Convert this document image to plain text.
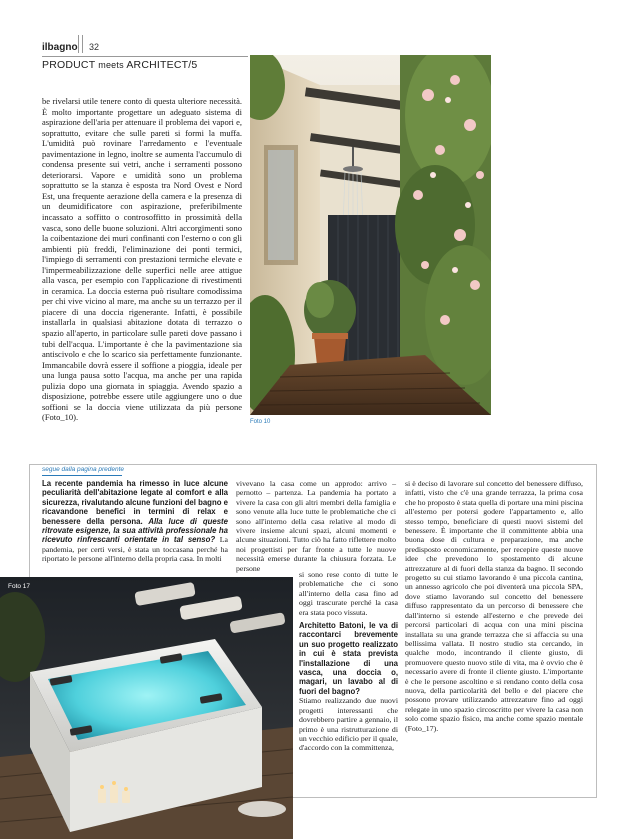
ilbagno 32
PRODUCT meets ARCHITECT/5
be rivelarsi utile tenere conto di questa ulteriore necessità. È molto importante progettare un adeguato sistema di aspirazione dell'aria per attenuare il problema dei vapori e, soprattutto, evitare che sulle pareti si formi la muffa. L'umidità può rovinare l'arredamento e l'eventuale pavimentazione in legno, inoltre se aumenta l'accumulo di condensa presente sui vetri, anche i serramenti possono deteriorarsi. Vapore e umidità sono un problema soprattutto se la stanza è esposta tra Nord Ovest e Nord Est, una frequente aerazione della camera e la presenza di un deumidificatore con aspirazione, preferibilmente incassato a soffitto o controsoffitto in prossimità della vasca, sono delle buone soluzioni. Altri accorgimenti sono la coibentazione dei muri confinanti con l'esterno o con gli ambienti più freddi, l'eliminazione dei ponti termici, l'impiego di serramenti con prestazioni termiche elevate e l'impermeabilizzazione delle superfici nelle aree attigue alla vasca, per esempio con l'applicazione di rivestimenti in ceramica. La doccia esterna può risultare comodissima per chi vive vicino al mare, ma anche su un terrazzo per il piacere di una doccia rigenerante. Infatti, è possibile installarla in qualsiasi abitazione dotata di terrazzo o spazio all'aperto, in particolare sulle pareti dove passano i tubi dell'acqua. L'importante è che la pavimentazione sia antiscivolo e che lo scarico sia perfettamente funzionante. Immancabile dovrà essere il soffione a pioggia, ideale per una lunga pausa sotto l'acqua, ma anche per una rapida pulizia dopo una giornata in spiaggia. Avendo spazio a disposizione, potrebbe essere utile aggiungere uno o due soffioni se la doccia viene utilizzata da più persone (Foto_10).	Foto 10
segue dalla pagina predente
La recente pandemia ha rimesso in luce alcune peculiarità dell'abitazione legate al comfort e alla sicurezza, rivalutando alcune funzioni del bagno e ricavandone benefici in termini di relax e benessere della persona. Alla luce di queste ritrovate esigenze, la sua attività professionale ha ricevuto rinfrescanti orientate in tal senso? La pandemia, per certi versi, è stata un toccasana perché ha riportato le persone all'interno della propria casa. In molti
vivevano la casa come un approdo: arrivo – pernotto – partenza. La pandemia ha portato a vivere la casa con gli altri membri della famiglia e sono venute alla luce tutte le problematiche che ci sono all'interno della casa relative al modo di vivere insieme alcuni spazi, alcuni momenti e alcune situazioni. Tutto ciò ha fatto riflettere molto noi progettisti per far fronte a tutte le nuove necessità emerse durante la chiusura forzata. Le persone

si sono rese conto di tutte le problematiche che ci sono all'interno della casa fino ad oggi trascurate perché la casa era stata poco vissuta.

Architetto Batoni, le va di raccontarci brevemente un suo progetto realizzato in cui è stata prevista l'installazione di una vasca, una doccia o, magari, un lavabo al di fuori del bagno?

Stiamo realizzando due nuovi progetti interessanti che dovrebbero partire a gennaio, il primo è una ristrutturazione di un vecchio edificio per il quale, d'accordo con la committenza,

si è deciso di lavorare sul concetto del benessere diffuso, infatti, visto che c'è una grande terrazza, la prima cosa che ho proposto è stata quella di portare una mini piscina all'esterno per potersi godere l'appartamento e, allo stesso tempo, beneficiare di questi nuovi sistemi del benessere. È importante che il committente abbia una buona dose di cultura e preparazione, ma anche predisposto economicamente, per recepire queste nuove idee che prevedono lo spostamento di alcune attrezzature al di fuori della stanza da bagno. Il secondo progetto su cui stiamo lavorando è una piccola cantina, un annesso agricolo che poi diventerà una piccola SPA, dove stiamo lavorando sul concetto del benessere diffuso rappresentato da un percorso di benessere che dall'interno si estende all'esterno e che prevede dei percorsi particolari di acqua con una mini piscina installata su una grande terrazza che si affaccia su una bellissima vallata. Il nostro studio sta cercando, in qualche modo, incontrando il cliente giusto, di promuovere questo nuovo stile di vita, ma è ovvio che è necessario avere di fronte il cliente giusto. L'importante è che le persone ascoltino e si rendano conto della cosa nuova, della particolarità del bello e del piacere che possono provare utilizzando attrezzature fino ad oggi relegate in uno spazio circoscritto per vivere la casa non solo come spazio fisico, ma anche come spazio mentale (Foto_17).
Foto 17
